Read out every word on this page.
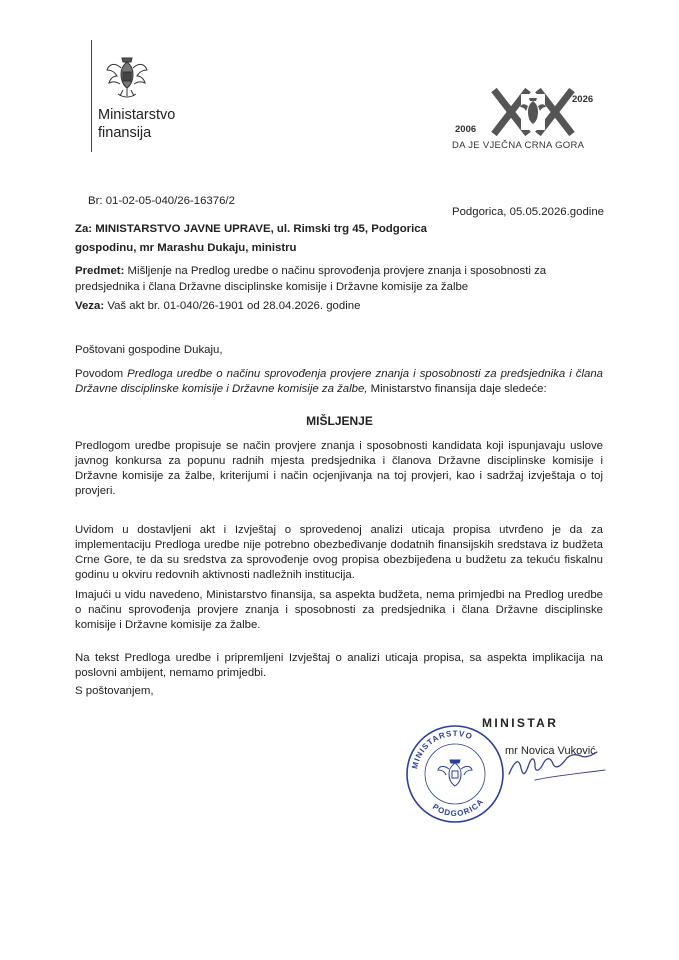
Ministarstvo
finansija	2006
2026
DA JE VJEČNA CRNA GORA
Br: 01-02-05-040/26-16376/2
Podgorica, 05.05.2026.godine
Za: MINISTARSTVO JAVNE UPRAVE, ul. Rimski trg 45, Podgorica
gospodinu, mr Marashu Dukaju, ministru
Predmet: Mišljenje na Predlog uredbe o načinu sprovođenja provjere znanja i sposobnosti za
predsjednika i člana Državne disciplinske komisije i Državne komisije za žalbe
Veza: Vaš akt br. 01-040/26-1901 od 28.04.2026. godine
Poštovani gospodine Dukaju,
Povodom Predloga uredbe o načinu sprovođenja provjere znanja i sposobnosti za predsjednika i člana Državne disciplinske komisije i Državne komisije za žalbe, Ministarstvo finansija daje sledeće:
MIŠLJENJE
Predlogom uredbe propisuje se način provjere znanja i sposobnosti kandidata koji ispunjavaju uslove javnog konkursa za popunu radnih mjesta predsjednika i članova Državne disciplinske komisije i Državne komisije za žalbe, kriterijumi i način ocjenjivanja na toj provjeri, kao i sadržaj izvještaja o toj provjeri.
Uvidom u dostavljeni akt i Izvještaj o sprovedenoj analizi uticaja propisa utvrđeno je da za implementaciju Predloga uredbe nije potrebno obezbeđivanje dodatnih finansijskih sredstava iz budžeta Crne Gore, te da su sredstva za sprovođenje ovog propisa obezbijeđena u budžetu za tekuću fiskalnu godinu u okviru redovnih aktivnosti nadležnih institucija.
Imajući u vidu navedeno, Ministarstvo finansija, sa aspekta budžeta, nema primjedbi na Predlog uredbe o načinu sprovođenja provjere znanja i sposobnosti za predsjednika i člana Državne disciplinske komisije i Državne komisije za žalbe.
Na tekst Predloga uredbe i pripremljeni Izvještaj o analizi uticaja propisa, sa aspekta implikacija na poslovni ambijent, nemamo primjedbi.
S poštovanjem,
MINISTAR
mr Novica Vuković
MINISTARSTVO
PODGORICA
